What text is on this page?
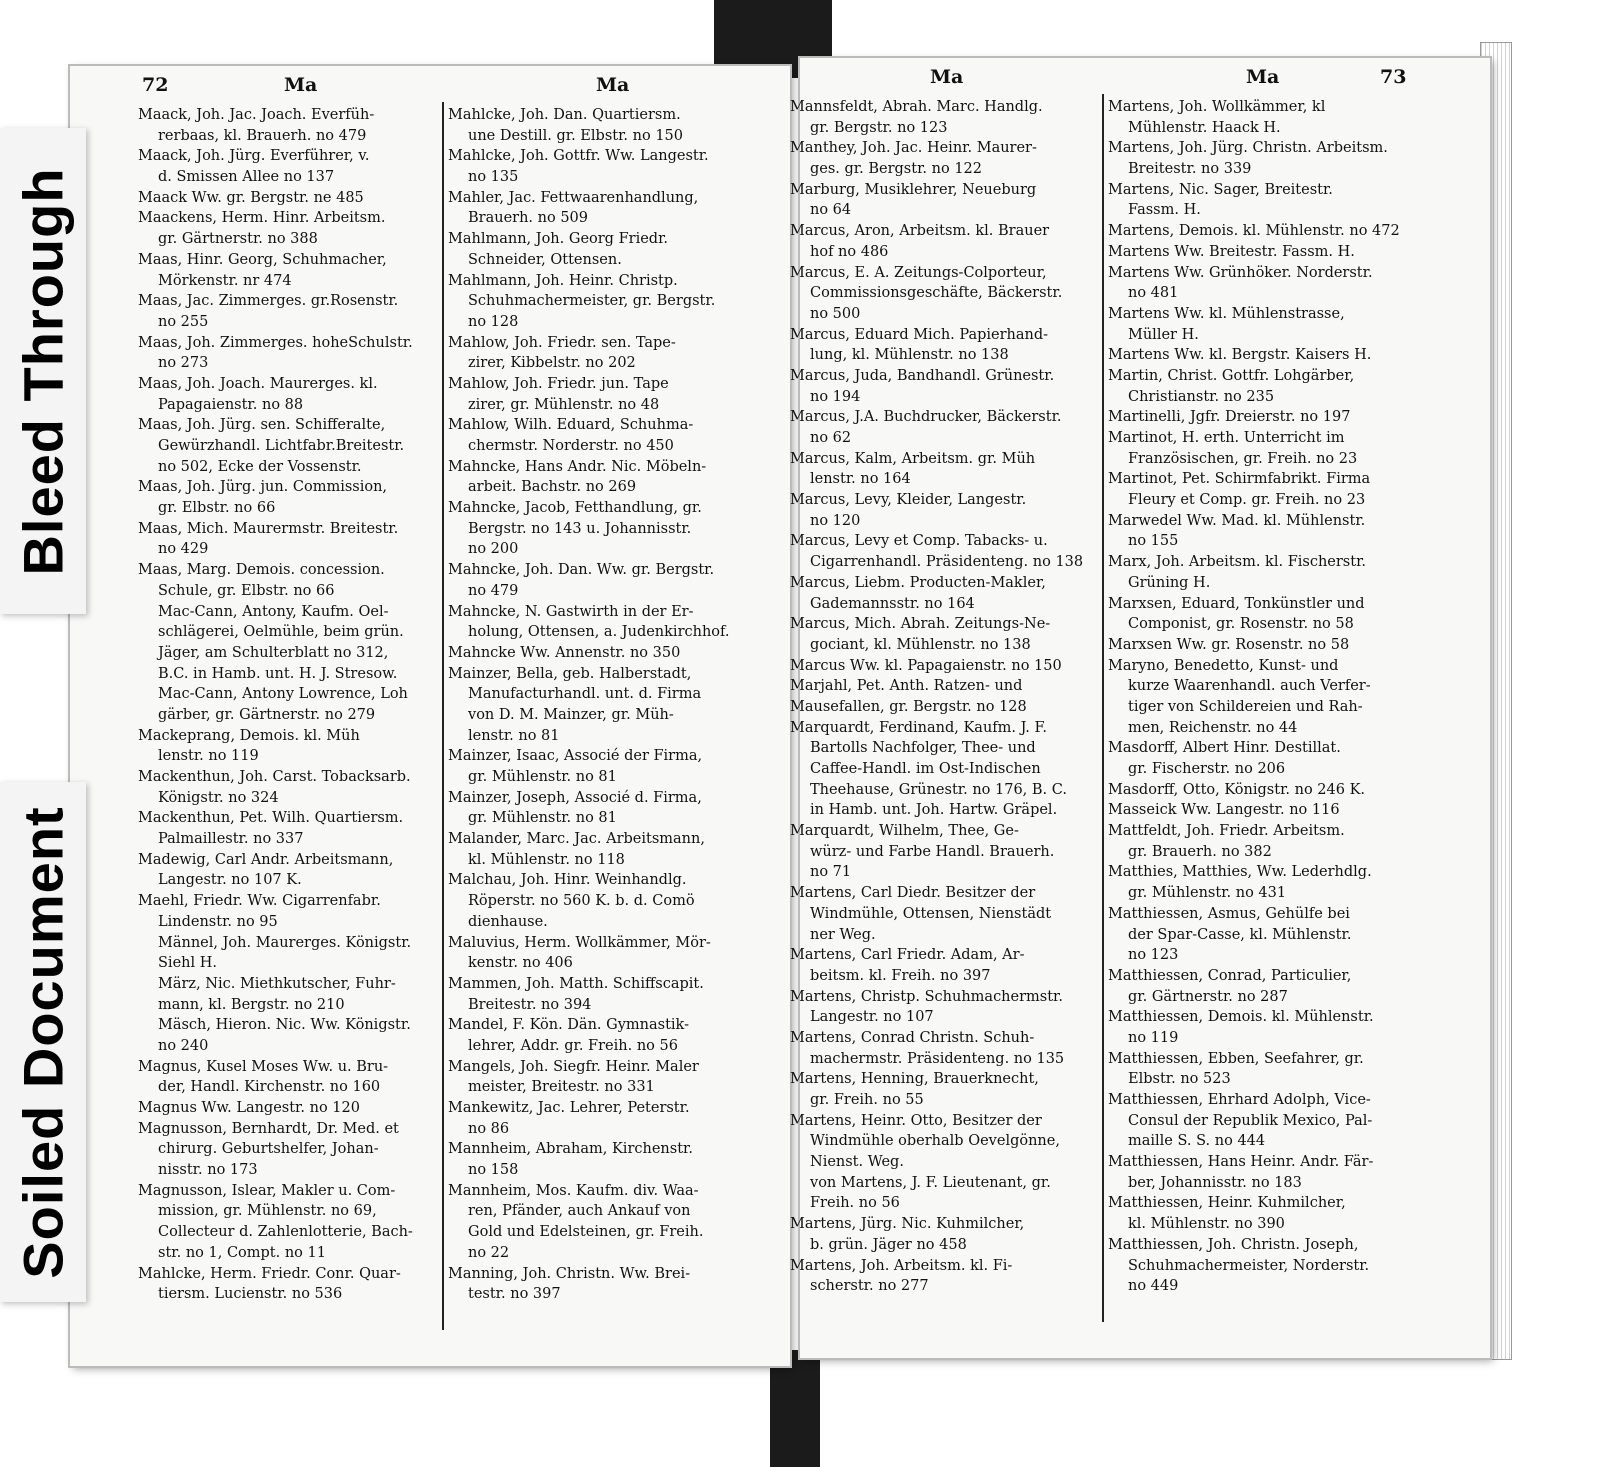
72	Ma	Ma
Maack, Joh. Jac. Joach. Everfüh-
rerbaas, kl. Brauerh. no 479
Maack, Joh. Jürg. Everführer, v.
d. Smissen Allee no 137
Maack Ww. gr. Bergstr. ne 485
Maackens, Herm. Hinr. Arbeitsm.
gr. Gärtnerstr. no 388
Maas, Hinr. Georg, Schuhmacher,
Mörkenstr. nr 474
Maas, Jac. Zimmerges. gr.Rosenstr.
no 255
Maas, Joh. Zimmerges. hoheSchulstr.
no 273
Maas, Joh. Joach. Maurerges. kl.
Papagaienstr. no 88
Maas, Joh. Jürg. sen. Schifferalte,
Gewürzhandl. Lichtfabr.Breitestr.
no 502, Ecke der Vossenstr.
Maas, Joh. Jürg. jun. Commission,
gr. Elbstr. no 66
Maas, Mich. Maurermstr. Breitestr.
no 429
Maas, Marg. Demois. concession.
Schule, gr. Elbstr. no 66
Mac-Cann, Antony, Kaufm. Oel-
schlägerei, Oelmühle, beim grün.
Jäger, am Schulterblatt no 312,
B.C. in Hamb. unt. H. J. Stresow.
Mac-Cann, Antony Lowrence, Loh
gärber, gr. Gärtnerstr. no 279
Mackeprang, Demois. kl. Müh
lenstr. no 119
Mackenthun, Joh. Carst. Tobacksarb.
Königstr. no 324
Mackenthun, Pet. Wilh. Quartiersm.
Palmaillestr. no 337
Madewig, Carl Andr. Arbeitsmann,
Langestr. no 107 K.
Maehl, Friedr. Ww. Cigarrenfabr.
Lindenstr. no 95
Männel, Joh. Maurerges. Königstr.
Siehl H.
März, Nic. Miethkutscher, Fuhr-
mann, kl. Bergstr. no 210
Mäsch, Hieron. Nic. Ww. Königstr.
no 240
Magnus, Kusel Moses Ww. u. Bru-
der, Handl. Kirchenstr. no 160
Magnus Ww. Langestr. no 120
Magnusson, Bernhardt, Dr. Med. et
chirurg. Geburtshelfer, Johan-
nisstr. no 173
Magnusson, Islear, Makler u. Com-
mission, gr. Mühlenstr. no 69,
Collecteur d. Zahlenlotterie, Bach-
str. no 1, Compt. no 11
Mahlcke, Herm. Friedr. Conr. Quar-
tiersm. Lucienstr. no 536
Mahlcke, Joh. Dan. Quartiersm.
une Destill. gr. Elbstr. no 150
Mahlcke, Joh. Gottfr. Ww. Langestr.
no 135
Mahler, Jac. Fettwaarenhandlung,
Brauerh. no 509
Mahlmann, Joh. Georg Friedr.
Schneider, Ottensen.
Mahlmann, Joh. Heinr. Christp.
Schuhmachermeister, gr. Bergstr.
no 128
Mahlow, Joh. Friedr. sen. Tape-
zirer, Kibbelstr. no 202
Mahlow, Joh. Friedr. jun. Tape
zirer, gr. Mühlenstr. no 48
Mahlow, Wilh. Eduard, Schuhma-
chermstr. Norderstr. no 450
Mahncke, Hans Andr. Nic. Möbeln-
arbeit. Bachstr. no 269
Mahncke, Jacob, Fetthandlung, gr.
Bergstr. no 143 u. Johannisstr.
no 200
Mahncke, Joh. Dan. Ww. gr. Bergstr.
no 479
Mahncke, N. Gastwirth in der Er-
holung, Ottensen, a. Judenkirchhof.
Mahncke Ww. Annenstr. no 350
Mainzer, Bella, geb. Halberstadt,
Manufacturhandl. unt. d. Firma
von D. M. Mainzer, gr. Müh-
lenstr. no 81
Mainzer, Isaac, Associé der Firma,
gr. Mühlenstr. no 81
Mainzer, Joseph, Associé d. Firma,
gr. Mühlenstr. no 81
Malander, Marc. Jac. Arbeitsmann,
kl. Mühlenstr. no 118
Malchau, Joh. Hinr. Weinhandlg.
Röperstr. no 560 K. b. d. Comö
dienhause.
Maluvius, Herm. Wollkämmer, Mör-
kenstr. no 406
Mammen, Joh. Matth. Schiffscapit.
Breitestr. no 394
Mandel, F. Kön. Dän. Gymnastik-
lehrer, Addr. gr. Freih. no 56
Mangels, Joh. Siegfr. Heinr. Maler
meister, Breitestr. no 331
Mankewitz, Jac. Lehrer, Peterstr.
no 86
Mannheim, Abraham, Kirchenstr.
no 158
Mannheim, Mos. Kaufm. div. Waa-
ren, Pfänder, auch Ankauf von
Gold und Edelsteinen, gr. Freih.
no 22
Manning, Joh. Christn. Ww. Brei-
testr. no 397
73
Ma	Ma
Mannsfeldt, Abrah. Marc. Handlg.
gr. Bergstr. no 123
Manthey, Joh. Jac. Heinr. Maurer-
ges. gr. Bergstr. no 122
Marburg, Musiklehrer, Neueburg
no 64
Marcus, Aron, Arbeitsm. kl. Brauer
hof no 486
Marcus, E. A. Zeitungs-Colporteur,
Commissionsgeschäfte, Bäckerstr.
no 500
Marcus, Eduard Mich. Papierhand-
lung, kl. Mühlenstr. no 138
Marcus, Juda, Bandhandl. Grünestr.
no 194
Marcus, J.A. Buchdrucker, Bäckerstr.
no 62
Marcus, Kalm, Arbeitsm. gr. Müh
lenstr. no 164
Marcus, Levy, Kleider, Langestr.
no 120
Marcus, Levy et Comp. Tabacks- u.
Cigarrenhandl. Präsidenteng. no 138
Marcus, Liebm. Producten-Makler,
Gademannsstr. no 164
Marcus, Mich. Abrah. Zeitungs-Ne-
gociant, kl. Mühlenstr. no 138
Marcus Ww. kl. Papagaienstr. no 150
Marjahl, Pet. Anth. Ratzen- und
Mausefallen, gr. Bergstr. no 128
Marquardt, Ferdinand, Kaufm. J. F.
Bartolls Nachfolger, Thee- und
Caffee-Handl. im Ost-Indischen
Theehause, Grünestr. no 176, B. C.
in Hamb. unt. Joh. Hartw. Gräpel.
Marquardt, Wilhelm, Thee, Ge-
würz- und Farbe Handl. Brauerh.
no 71
Martens, Carl Diedr. Besitzer der
Windmühle, Ottensen, Nienstädt
ner Weg.
Martens, Carl Friedr. Adam, Ar-
beitsm. kl. Freih. no 397
Martens, Christp. Schuhmachermstr.
Langestr. no 107
Martens, Conrad Christn. Schuh-
machermstr. Präsidenteng. no 135
Martens, Henning, Brauerknecht,
gr. Freih. no 55
Martens, Heinr. Otto, Besitzer der
Windmühle oberhalb Oevelgönne,
Nienst. Weg.
von Martens, J. F. Lieutenant, gr.
Freih. no 56
Martens, Jürg. Nic. Kuhmilcher,
b. grün. Jäger no 458
Martens, Joh. Arbeitsm. kl. Fi-
scherstr. no 277
Martens, Joh. Wollkämmer, kl
Mühlenstr. Haack H.
Martens, Joh. Jürg. Christn. Arbeitsm.
Breitestr. no 339
Martens, Nic. Sager, Breitestr.
Fassm. H.
Martens, Demois. kl. Mühlenstr. no 472
Martens Ww. Breitestr. Fassm. H.
Martens Ww. Grünhöker. Norderstr.
no 481
Martens Ww. kl. Mühlenstrasse,
Müller H.
Martens Ww. kl. Bergstr. Kaisers H.
Martin, Christ. Gottfr. Lohgärber,
Christianstr. no 235
Martinelli, Jgfr. Dreierstr. no 197
Martinot, H. erth. Unterricht im
Französischen, gr. Freih. no 23
Martinot, Pet. Schirmfabrikt. Firma
Fleury et Comp. gr. Freih. no 23
Marwedel Ww. Mad. kl. Mühlenstr.
no 155
Marx, Joh. Arbeitsm. kl. Fischerstr.
Grüning H.
Marxsen, Eduard, Tonkünstler und
Componist, gr. Rosenstr. no 58
Marxsen Ww. gr. Rosenstr. no 58
Maryno, Benedetto, Kunst- und
kurze Waarenhandl. auch Verfer-
tiger von Schildereien und Rah-
men, Reichenstr. no 44
Masdorff, Albert Hinr. Destillat.
gr. Fischerstr. no 206
Masdorff, Otto, Königstr. no 246 K.
Masseick Ww. Langestr. no 116
Mattfeldt, Joh. Friedr. Arbeitsm.
gr. Brauerh. no 382
Matthies, Matthies, Ww. Lederhdlg.
gr. Mühlenstr. no 431
Matthiessen, Asmus, Gehülfe bei
der Spar-Casse, kl. Mühlenstr.
no 123
Matthiessen, Conrad, Particulier,
gr. Gärtnerstr. no 287
Matthiessen, Demois. kl. Mühlenstr.
no 119
Matthiessen, Ebben, Seefahrer, gr.
Elbstr. no 523
Matthiessen, Ehrhard Adolph, Vice-
Consul der Republik Mexico, Pal-
maille S. S. no 444
Matthiessen, Hans Heinr. Andr. Fär-
ber, Johannisstr. no 183
Matthiessen, Heinr. Kuhmilcher,
kl. Mühlenstr. no 390
Matthiessen, Joh. Christn. Joseph,
Schuhmachermeister, Norderstr.
no 449
Bleed Through
Soiled Document
